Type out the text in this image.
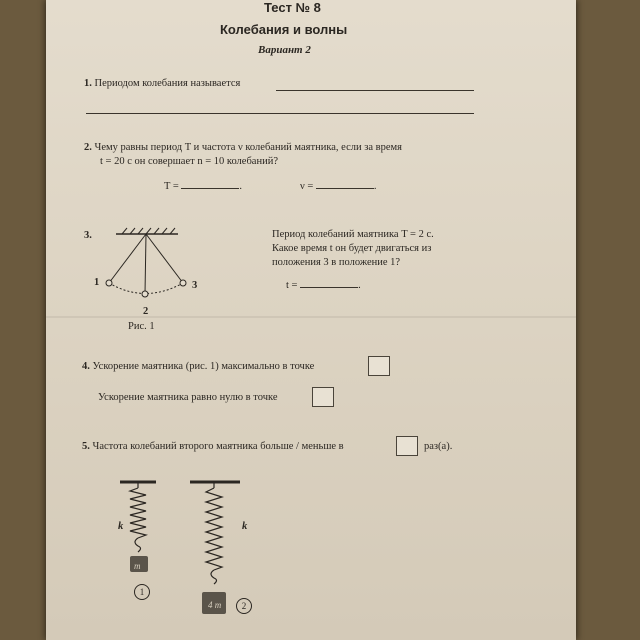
Тест № 8
Колебания и волны
Вариант 2
1. Периодом колебания называется
2. Чему равны период T и частота ν колебаний маятника, если за время
t = 20 с он совершает n = 10 колебаний?
T =	.	ν =	.
3.
1
2
3
Рис. 1
Период колебаний маятника T = 2 с.
Какое время t он будет двигаться из
положения 3 в положение 1?
t =	.
4. Ускорение маятника (рис. 1) максимально в точке
Ускорение маятника равно нулю в точке
5. Частота колебаний второго маятника больше / меньше в	раз(а).
k
m
1
k
4 m	2
